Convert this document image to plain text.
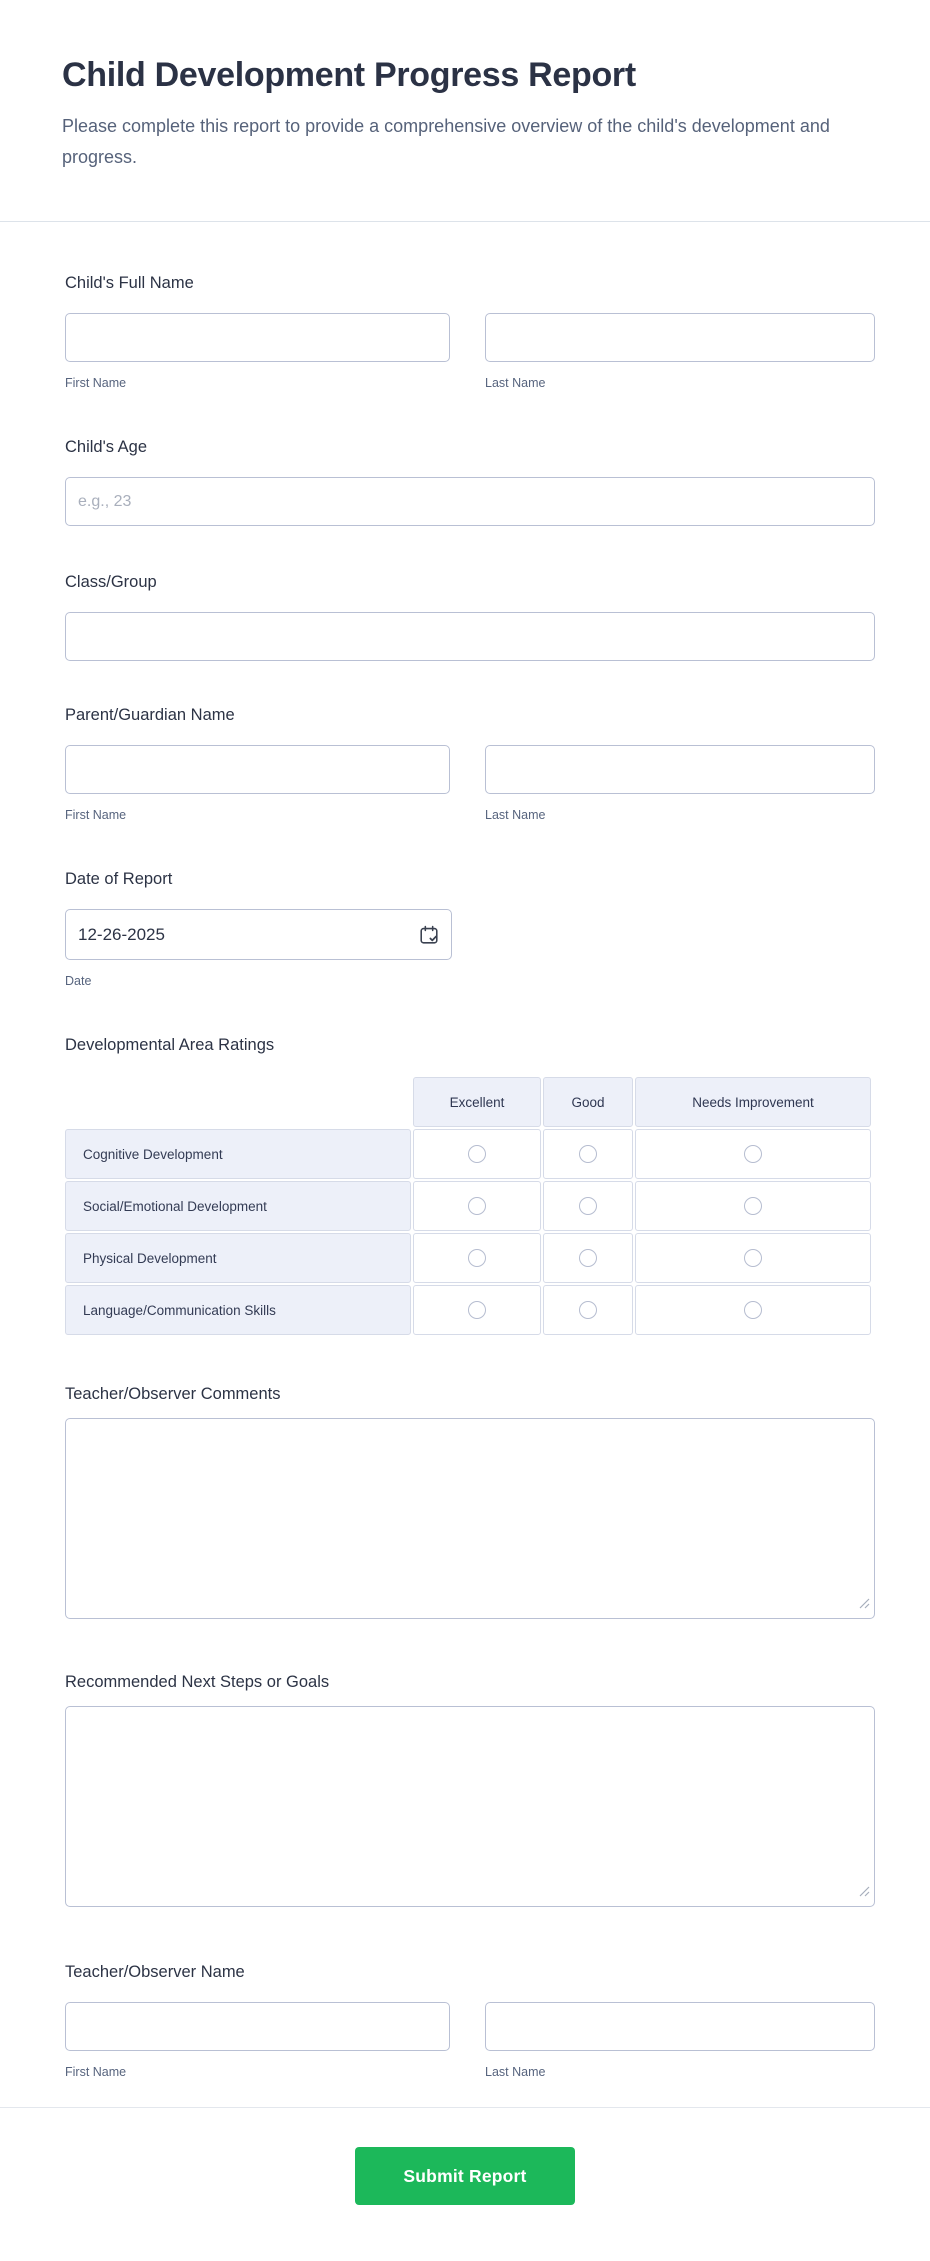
Child Development Progress Report

Please complete this report to provide a comprehensive overview of the child's development and progress.

Child's Full Name
First Name	Last Name
Child's Age
e.g., 23
Class/Group
Parent/Guardian Name
First Name	Last Name
Date of Report
12-26-2025
Date
Developmental Area Ratings
	Excellent	Good	Needs Improvement
Cognitive Development			
Social/Emotional Development			
Physical Development			
Language/Communication Skills			
Teacher/Observer Comments
Recommended Next Steps or Goals
Teacher/Observer Name
First Name	Last Name
Submit Report
